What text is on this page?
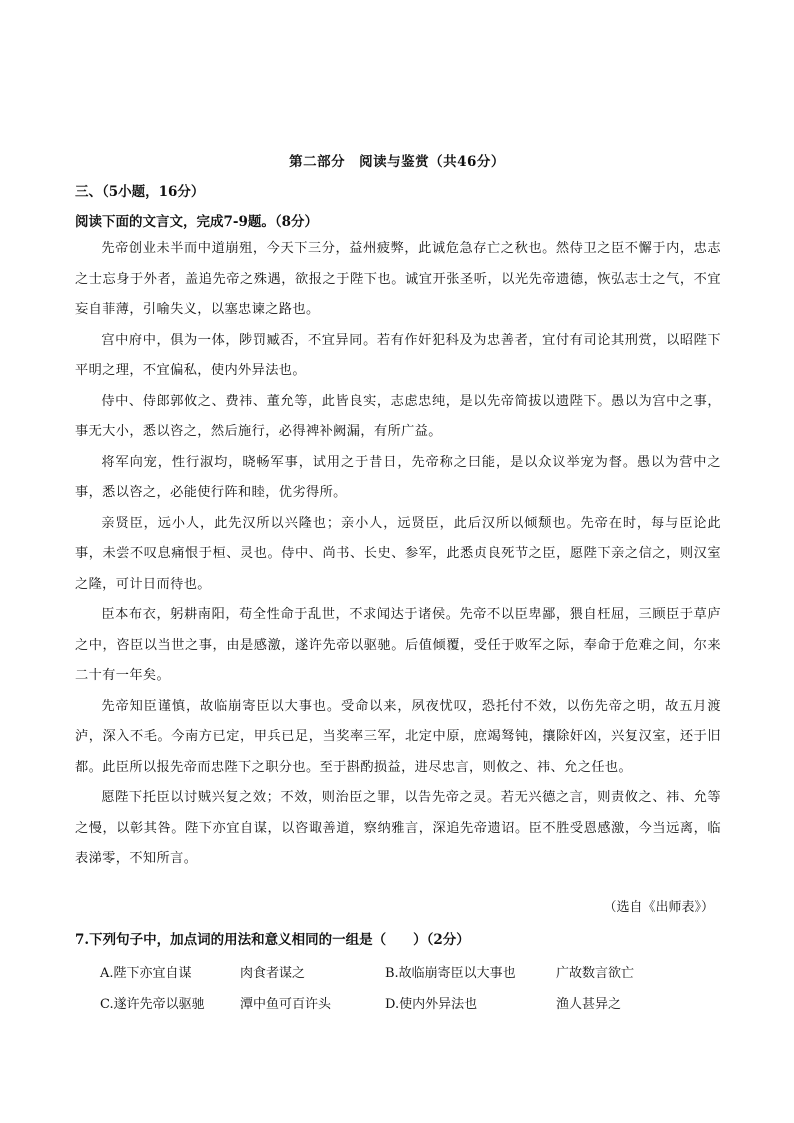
第二部分　阅读与鉴赏（共46分）
三、（5小题，16分）
阅读下面的文言文，完成7-9题。（8分）

先帝创业未半而中道崩殂，今天下三分，益州疲弊，此诚危急存亡之秋也。然侍卫之臣不懈于内，忠志之士忘身于外者，盖追先帝之殊遇，欲报之于陛下也。诚宜开张圣听，以光先帝遗德，恢弘志士之气，不宜妄自菲薄，引喻失义，以塞忠谏之路也。

宫中府中，俱为一体，陟罚臧否，不宜异同。若有作奸犯科及为忠善者，宜付有司论其刑赏，以昭陛下平明之理，不宜偏私，使内外异法也。

侍中、侍郎郭攸之、费祎、董允等，此皆良实，志虑忠纯，是以先帝简拔以遗陛下。愚以为宫中之事，事无大小，悉以咨之，然后施行，必得裨补阙漏，有所广益。

将军向宠，性行淑均，晓畅军事，试用之于昔日，先帝称之曰能，是以众议举宠为督。愚以为营中之事，悉以咨之，必能使行阵和睦，优劣得所。

亲贤臣，远小人，此先汉所以兴隆也；亲小人，远贤臣，此后汉所以倾颓也。先帝在时，每与臣论此事，未尝不叹息痛恨于桓、灵也。侍中、尚书、长史、参军，此悉贞良死节之臣，愿陛下亲之信之，则汉室之隆，可计日而待也。

臣本布衣，躬耕南阳，苟全性命于乱世，不求闻达于诸侯。先帝不以臣卑鄙，猥自枉屈，三顾臣于草庐之中，咨臣以当世之事，由是感激，遂许先帝以驱驰。后值倾覆，受任于败军之际，奉命于危难之间，尔来二十有一年矣。

先帝知臣谨慎，故临崩寄臣以大事也。受命以来，夙夜忧叹，恐托付不效，以伤先帝之明，故五月渡泸，深入不毛。今南方已定，甲兵已足，当奖率三军，北定中原，庶竭驽钝，攘除奸凶，兴复汉室，还于旧都。此臣所以报先帝而忠陛下之职分也。至于斟酌损益，进尽忠言，则攸之、祎、允之任也。

愿陛下托臣以讨贼兴复之效；不效，则治臣之罪，以告先帝之灵。若无兴德之言，则责攸之、祎、允等之慢，以彰其咎。陛下亦宜自谋，以咨诹善道，察纳雅言，深追先帝遗诏。臣不胜受恩感激，今当远离，临表涕零，不知所言。

（选自《出师表》）
7.下列句子中，加点词的用法和意义相同的一组是（　　）（2分）
A.陛下亦宜自谋	肉食者谋之	B.故临崩寄臣以大事也	广故数言欲亡
C.遂许先帝以驱驰	潭中鱼可百许头	D.使内外异法也	渔人甚异之
